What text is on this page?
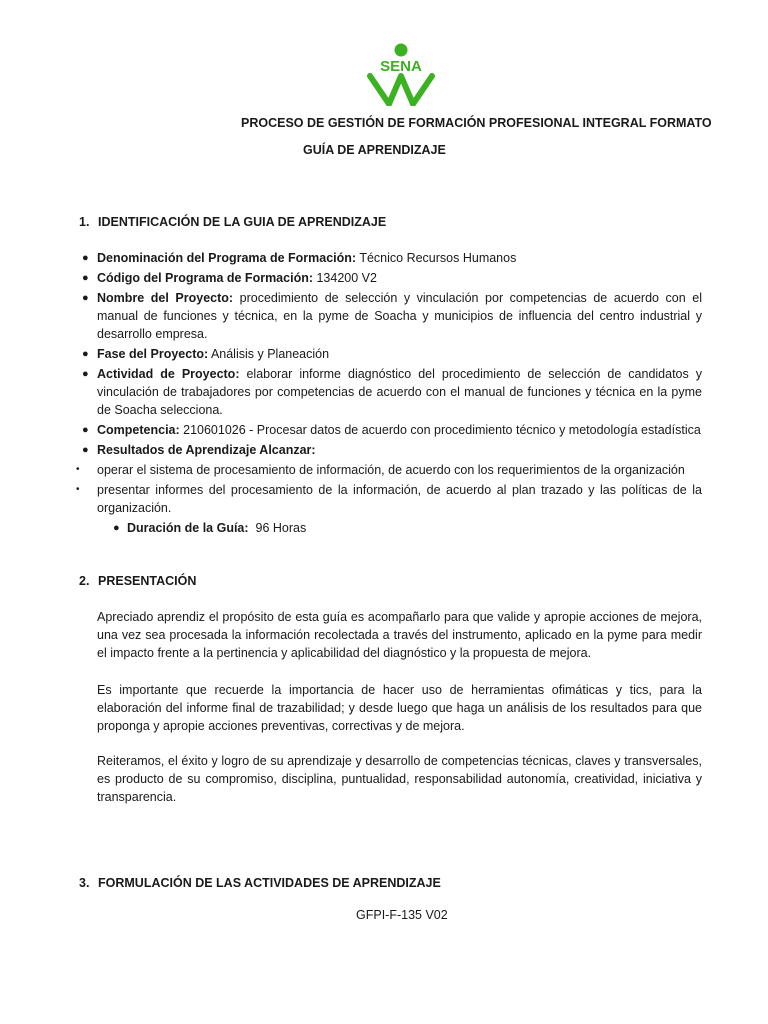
SENA
PROCESO DE GESTIÓN DE FORMACIÓN PROFESIONAL INTEGRAL FORMATO
GUÍA DE APRENDIZAJE
1. IDENTIFICACIÓN DE LA GUIA DE APRENDIZAJE
● Denominación del Programa de Formación: Técnico Recursos Humanos
● Código del Programa de Formación: 134200 V2
● Nombre del Proyecto: procedimiento de selección y vinculación por competencias de acuerdo con el manual de funciones y técnica, en la pyme de Soacha y municipios de influencia del centro industrial y desarrollo empresa.
● Fase del Proyecto: Análisis y Planeación
● Actividad de Proyecto: elaborar informe diagnóstico del procedimiento de selección de candidatos y vinculación de trabajadores por competencias de acuerdo con el manual de funciones y técnica en la pyme de Soacha selecciona.
● Competencia: 210601026 - Procesar datos de acuerdo con procedimiento técnico y metodología estadística
● Resultados de Aprendizaje Alcanzar:
• operar el sistema de procesamiento de información, de acuerdo con los requerimientos de la organización
• presentar informes del procesamiento de la información, de acuerdo al plan trazado y las políticas de la organización.
● Duración de la Guía:  96 Horas
2. PRESENTACIÓN
Apreciado aprendiz el propósito de esta guía es acompañarlo para que valide y apropie acciones de mejora, una vez sea procesada la información recolectada a través del instrumento, aplicado en la pyme para medir el impacto frente a la pertinencia y aplicabilidad del diagnóstico y la propuesta de mejora.
Es importante que recuerde la importancia de hacer uso de herramientas ofimáticas y tics, para la elaboración del informe final de trazabilidad; y desde luego que haga un análisis de los resultados para que proponga y apropie acciones preventivas, correctivas y de mejora.
Reiteramos, el éxito y logro de su aprendizaje y desarrollo de competencias técnicas, claves y transversales, es producto de su compromiso, disciplina, puntualidad, responsabilidad autonomía, creatividad, iniciativa y transparencia.
3. FORMULACIÓN DE LAS ACTIVIDADES DE APRENDIZAJE
GFPI-F-135 V02
